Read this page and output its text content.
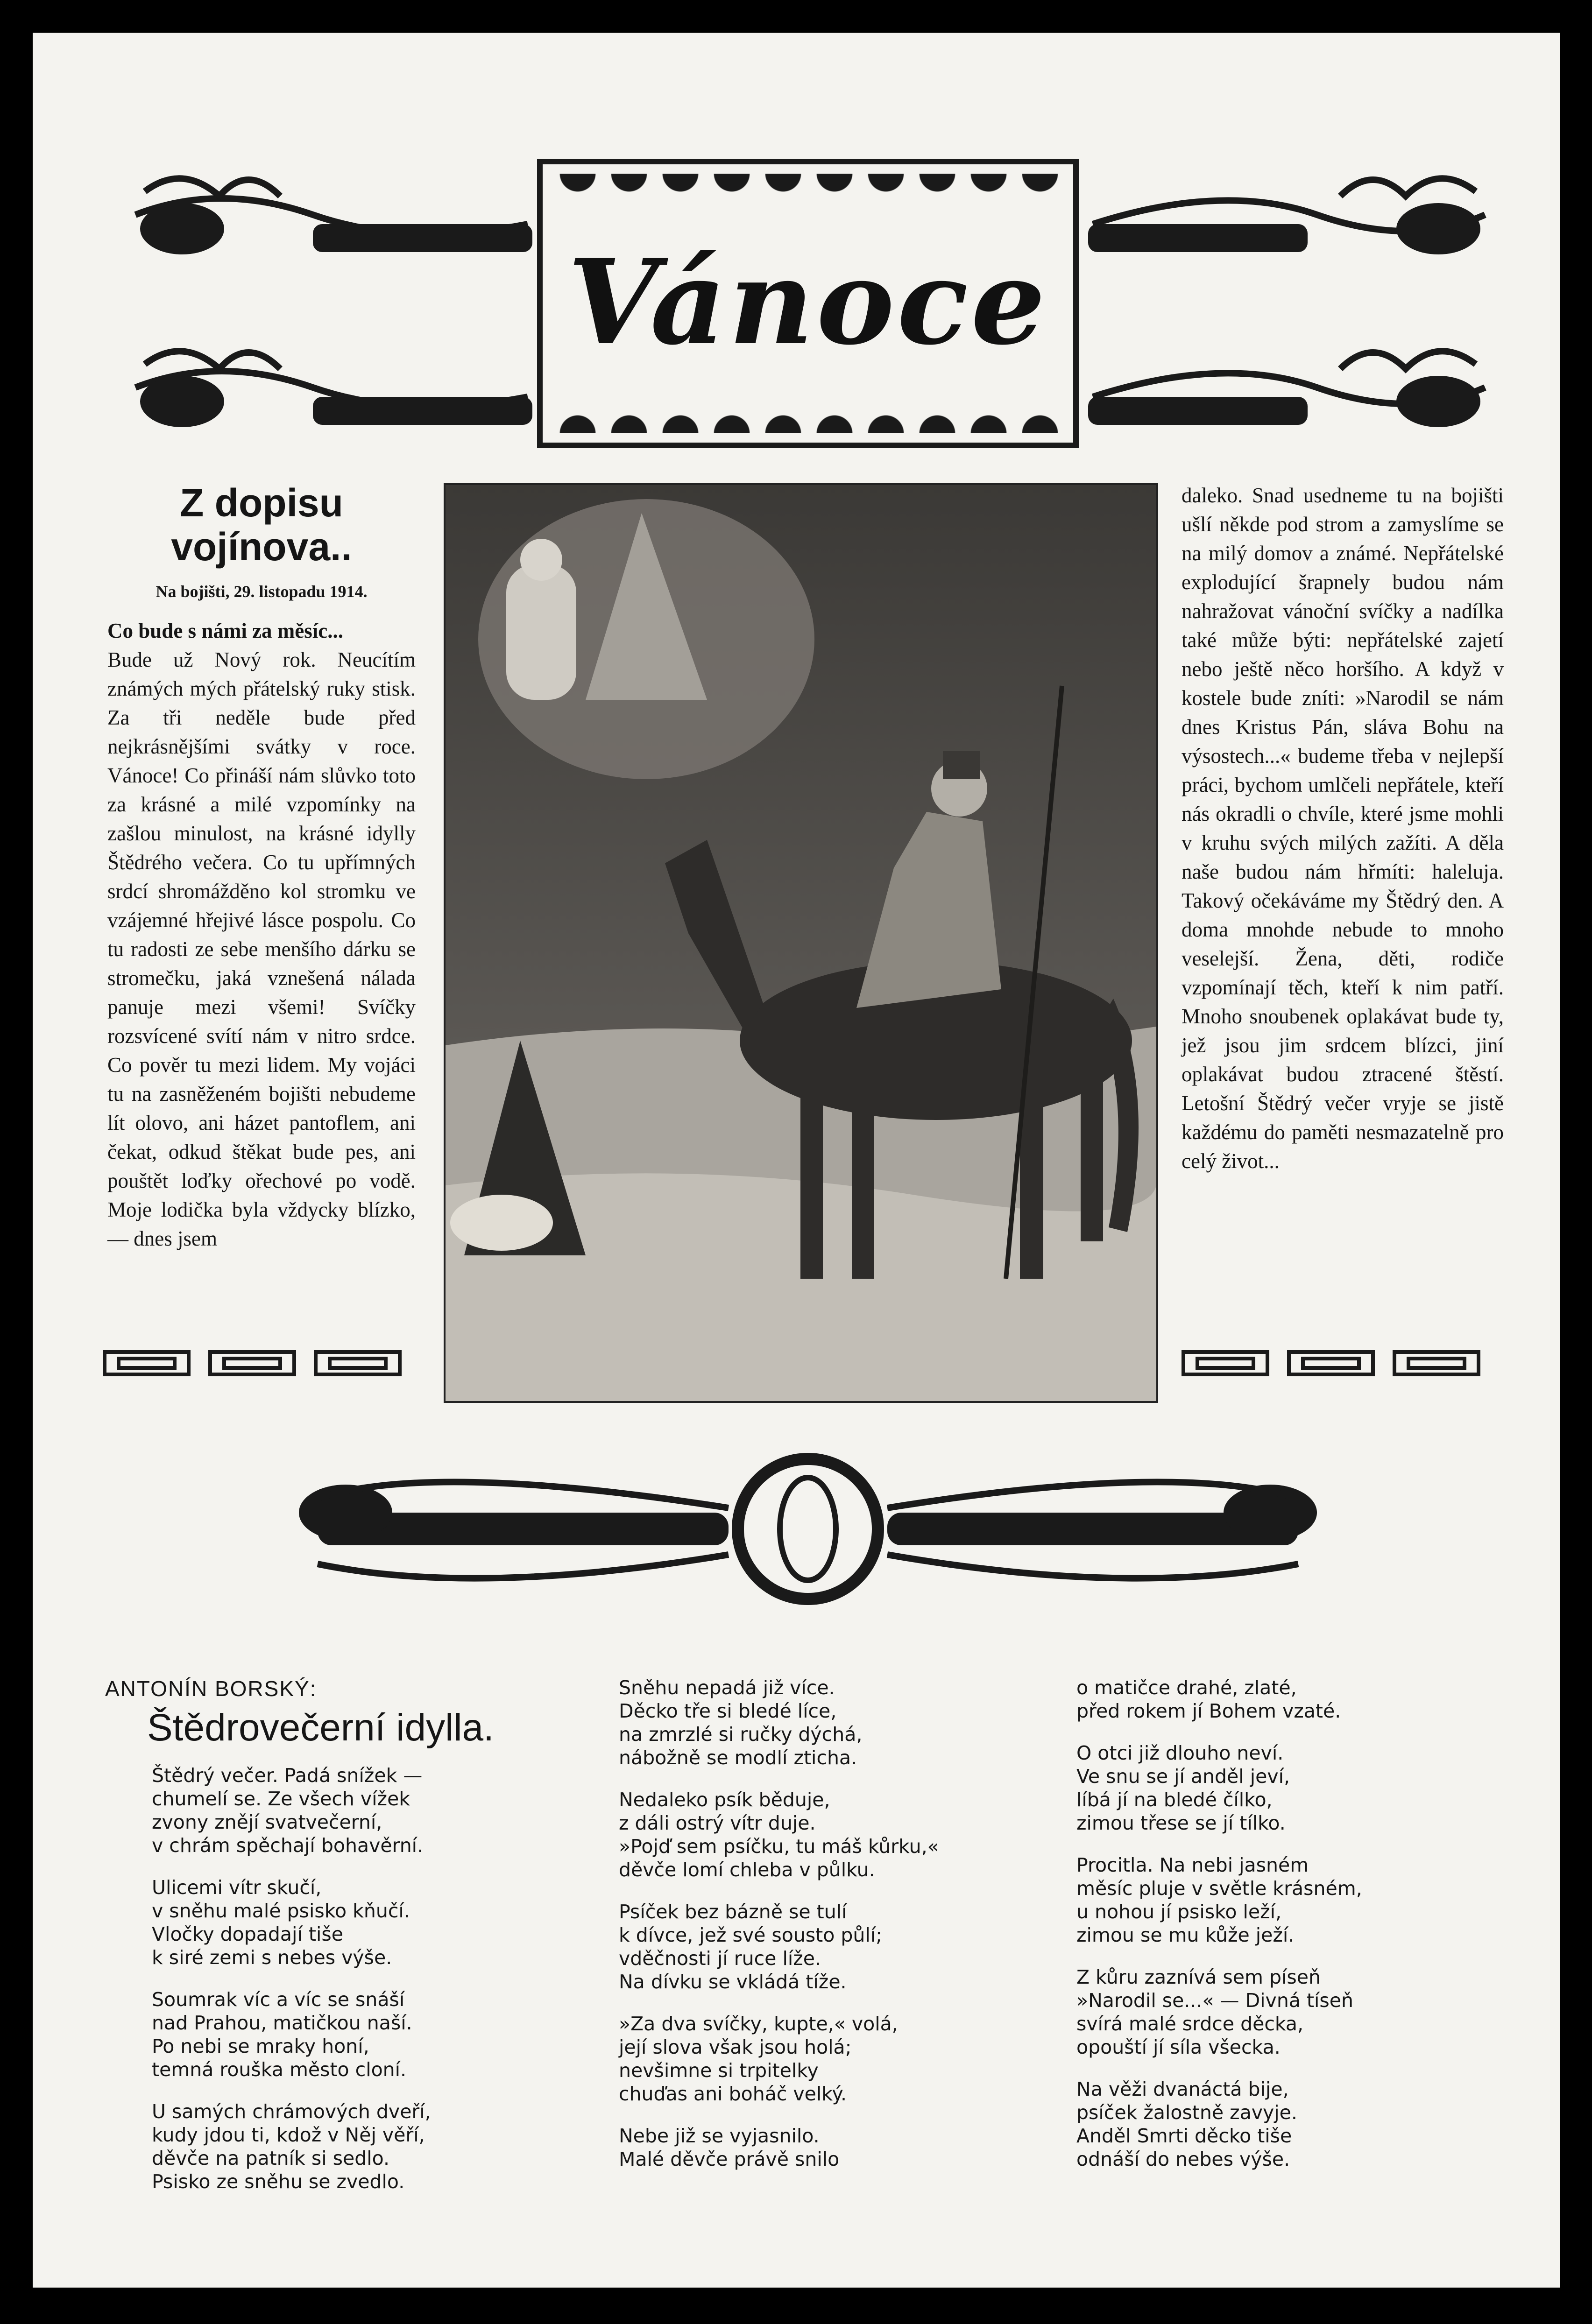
Vánoce
Z dopisu
vojínova..
Na bojišti, 29. listopadu 1914.

Co bude s námi za měsíc...

Bude už Nový rok. Neucítím známých mých přátelský ruky stisk. Za tři neděle bude před nejkrásnějšími svátky v roce. Vánoce! Co přináší nám slůvko toto za krásné a milé vzpomínky na zašlou minulost, na krásné idylly Štědrého večera. Co tu upřímných srdcí shromážděno kol stromku ve vzájemné hřejivé lásce pospolu. Co tu radosti ze sebe menšího dárku se stromečku, jaká vznešená nálada panuje mezi všemi! Svíčky rozsvícené svítí nám v nitro srdce. Co pověr tu mezi lidem. My vojáci tu na zasněženém bojišti nebudeme lít olovo, ani házet pantoflem, ani čekat, odkud štěkat bude pes, ani pouštět loďky ořechové po vodě. Moje lodička byla vždycky blízko, — dnes jsem

daleko. Snad usedneme tu na bojišti ušlí někde pod strom a zamyslíme se na milý domov a známé. Nepřátelské explodující šrapnely budou nám nahražovat vánoční svíčky a nadílka také může býti: nepřátelské zajetí nebo ještě něco horšího. A když v kostele bude zníti: »Narodil se nám dnes Kristus Pán, sláva Bohu na výsostech...« budeme třeba v nejlepší práci, bychom umlčeli nepřátele, kteří nás okradli o chvíle, které jsme mohli v kruhu svých milých zažíti. A děla naše budou nám hřmíti: haleluja. Takový očekáváme my Štědrý den. A doma mnohde nebude to mnoho veselejší. Žena, děti, rodiče vzpomínají těch, kteří k nim patří. Mnoho snoubenek oplakávat bude ty, jež jsou jim srdcem blízci, jiní oplakávat budou ztracené štěstí. Letošní Štědrý večer vryje se jistě každému do paměti nesmazatelně pro celý život...

ANTONÍN BORSKÝ:
Štědrovečerní idylla.
Štědrý večer. Padá snížek —
chumelí se. Ze všech vížek
zvony znějí svatvečerní,
v chrám spěchají bohavěrní.
Ulicemi vítr skučí,
v sněhu malé psisko kňučí.
Vločky dopadají tiše
k siré zemi s nebes výše.
Soumrak víc a víc se snáší
nad Prahou, matičkou naší.
Po nebi se mraky honí,
temná rouška město cloní.
U samých chrámových dveří,
kudy jdou ti, kdož v Něj věří,
děvče na patník si sedlo.
Psisko ze sněhu se zvedlo.
Sněhu nepadá již více.
Děcko tře si bledé líce,
na zmrzlé si ručky dýchá,
nábožně se modlí zticha.
Nedaleko psík běduje,
z dáli ostrý vítr duje.
»Pojď sem psíčku, tu máš kůrku,«
děvče lomí chleba v půlku.
Psíček bez bázně se tulí
k dívce, jež své sousto půlí;
vděčnosti jí ruce líže.
Na dívku se vkládá tíže.
»Za dva svíčky, kupte,« volá,
její slova však jsou holá;
nevšimne si trpitelky
chuďas ani boháč velký.
Nebe již se vyjasnilo.
Malé děvče právě snilo
o matičce drahé, zlaté,
před rokem jí Bohem vzaté.
O otci již dlouho neví.
Ve snu se jí anděl jeví,
líbá jí na bledé čílko,
zimou třese se jí tílko.
Procitla. Na nebi jasném
měsíc pluje v světle krásném,
u nohou jí psisko leží,
zimou se mu kůže ježí.
Z kůru zaznívá sem píseň
»Narodil se...« — Divná tíseň
svírá malé srdce děcka,
opouští jí síla všecka.
Na věži dvanáctá bije,
psíček žalostně zavyje.
Anděl Smrti děcko tiše
odnáší do nebes výše.
